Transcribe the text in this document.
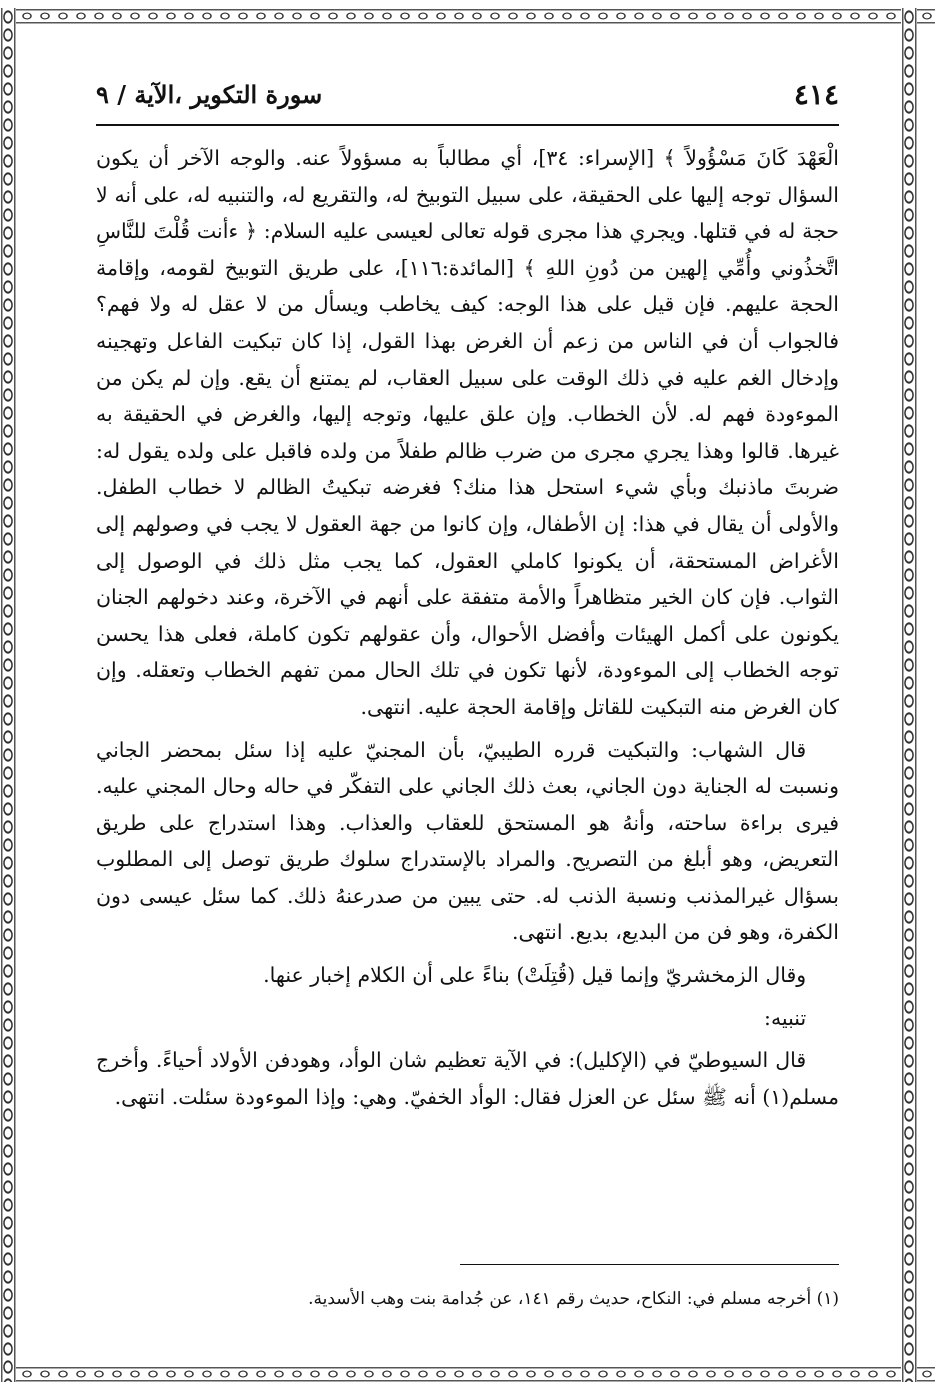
٤١٤
سورة التكوير ،الآية / ٩

الْعَهْدَ كَانَ مَسْؤُولاً ﴾ [الإسراء: ٣٤]، أي مطالباً به مسؤولاً عنه. والوجه الآخر أن يكون السؤال توجه إليها على الحقيقة، على سبيل التوبيخ له، والتقريع له، والتنبيه له، على أنه لا حجة له في قتلها. ويجري هذا مجرى قوله تعالى لعيسى عليه السلام: ﴿ ءأنت قُلْتَ للنَّاسِ اتَّخذُوني وأُمِّي إلهين من دُونِ اللهِ ﴾ [المائدة:١١٦]، على طريق التوبيخ لقومه، وإقامة الحجة عليهم. فإن قيل على هذا الوجه: كيف يخاطب ويسأل من لا عقل له ولا فهم؟ فالجواب أن في الناس من زعم أن الغرض بهذا القول، إذا كان تبكيت الفاعل وتهجينه وإدخال الغم عليه في ذلك الوقت على سبيل العقاب، لم يمتنع أن يقع. وإن لم يكن من الموءودة فهم له. لأن الخطاب. وإن علق عليها، وتوجه إليها، والغرض في الحقيقة به غيرها. قالوا وهذا يجري مجرى من ضرب ظالم طفلاً من ولده فاقبل على ولده يقول له: ضربتَ ماذنبك وبأي شيء استحل هذا منك؟ فغرضه تبكيتُ الظالم لا خطاب الطفل. والأولى أن يقال في هذا: إن الأطفال، وإن كانوا من جهة العقول لا يجب في وصولهم إلى الأغراض المستحقة، أن يكونوا كاملي العقول، كما يجب مثل ذلك في الوصول إلى الثواب. فإن كان الخير متظاهراً والأمة متفقة على أنهم في الآخرة، وعند دخولهم الجنان يكونون على أكمل الهيئات وأفضل الأحوال، وأن عقولهم تكون كاملة، فعلى هذا يحسن توجه الخطاب إلى الموءودة، لأنها تكون في تلك الحال ممن تفهم الخطاب وتعقله. وإن كان الغرض منه التبكيت للقاتل وإقامة الحجة عليه. انتهى.

قال الشهاب: والتبكيت قرره الطيبيّ، بأن المجنيّ عليه إذا سئل بمحضر الجاني ونسبت له الجناية دون الجاني، بعث ذلك الجاني على التفكّر في حاله وحال المجني عليه. فيرى براءة ساحته، وأنهُ هو المستحق للعقاب والعذاب. وهذا استدراج على طريق التعريض، وهو أبلغ من التصريح. والمراد بالإستدراج سلوك طريق توصل إلى المطلوب بسؤال غيرالمذنب ونسبة الذنب له. حتى يبين من صدرعنهُ ذلك. كما سئل عيسى دون الكفرة، وهو فن من البديع، بديع. انتهى.

وقال الزمخشريّ وإنما قيل (قُتِلَتْ) بناءً على أن الكلام إخبار عنها.

تنبيه:

قال السيوطيّ في (الإكليل): في الآية تعظيم شان الوأد، وهودفن الأولاد أحياءً. وأخرج مسلم(١) أنه ﷺ سئل عن العزل فقال: الوأد الخفيّ. وهي: وإذا الموءودة سئلت. انتهى.

(١) أخرجه مسلم في: النكاح، حديث رقم ١٤١، عن جُدامة بنت وهب الأسدية.
